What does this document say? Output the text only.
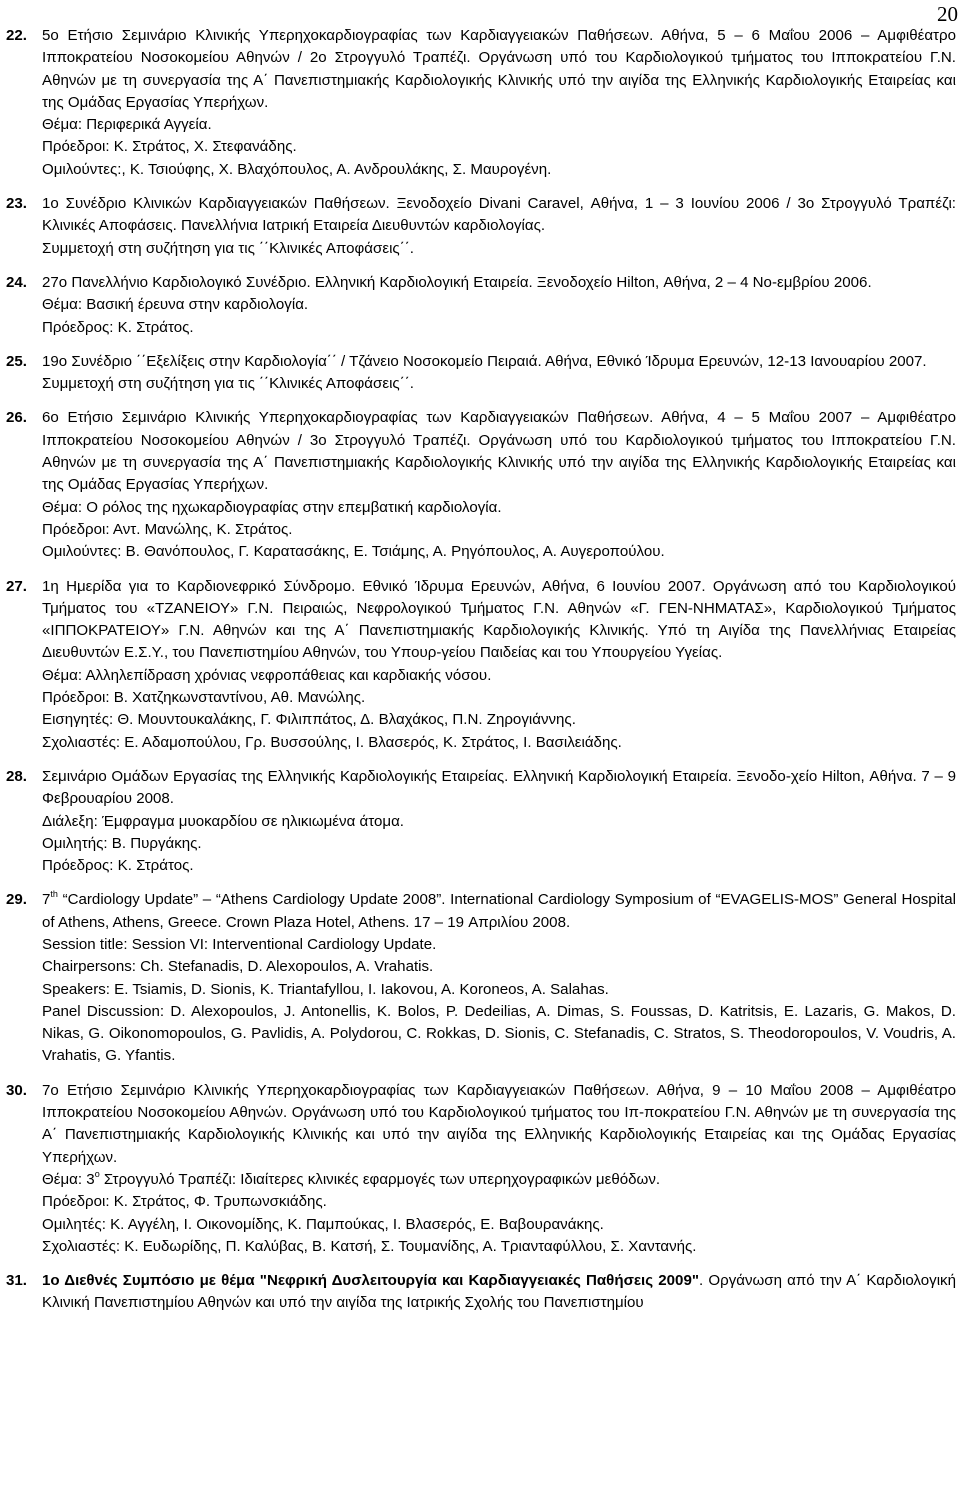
20
22. 5ο Ετήσιο Σεμινάριο Κλινικής Υπερηχοκαρδιογραφίας των Καρδιαγγειακών Παθήσεων. Αθήνα, 5 – 6 Μαΐου 2006 – Αμφιθέατρο Ιπποκρατείου Νοσοκομείου Αθηνών / 2ο Στρογγυλό Τραπέζι. Οργάνωση υπό του Καρδιολογικού τμήματος του Ιπποκρατείου Γ.Ν. Αθηνών με τη συνεργασία της Α΄ Πανεπιστημιακής Καρδιολογικής Κλινικής υπό την αιγίδα της Ελληνικής Καρδιολογικής Εταιρείας και της Ομάδας Εργασίας Υπερήχων.
Θέμα: Περιφερικά Αγγεία.
Πρόεδροι: Κ. Στράτος, Χ. Στεφανάδης.
Ομιλούντες:, Κ. Τσιούφης, Χ. Βλαχόπουλος, Α. Ανδρουλάκης, Σ. Μαυρογένη.
23. 1ο Συνέδριο Κλινικών Καρδιαγγειακών Παθήσεων. Ξενοδοχείο Divani Caravel, Αθήνα, 1 – 3 Ιουνίου 2006 / 3ο Στρογγυλό Τραπέζι: Κλινικές Αποφάσεις. Πανελλήνια Ιατρική Εταιρεία Διευθυντών καρδιολογίας.
Συμμετοχή στη συζήτηση για τις ΄΄Κλινικές Αποφάσεις΄΄.
24. 27ο Πανελλήνιο Καρδιολογικό Συνέδριο. Ελληνική Καρδιολογική Εταιρεία. Ξενοδοχείο Hilton, Αθήνα, 2 – 4 Νο-εμβρίου 2006.
Θέμα: Βασική έρευνα στην καρδιολογία.
Πρόεδρος: Κ. Στράτος.
25. 19ο Συνέδριο ΄΄Εξελίξεις στην Καρδιολογία΄΄ / Τζάνειο Νοσοκομείο Πειραιά. Αθήνα, Εθνικό Ίδρυμα Ερευνών, 12-13 Ιανουαρίου 2007.
Συμμετοχή στη συζήτηση για τις ΄΄Κλινικές Αποφάσεις΄΄.
26. 6ο Ετήσιο Σεμινάριο Κλινικής Υπερηχοκαρδιογραφίας των Καρδιαγγειακών Παθήσεων. Αθήνα, 4 – 5 Μαΐου 2007 – Αμφιθέατρο Ιπποκρατείου Νοσοκομείου Αθηνών / 3ο Στρογγυλό Τραπέζι. Οργάνωση υπό του Καρδιολογικού τμήματος του Ιπποκρατείου Γ.Ν. Αθηνών με τη συνεργασία της Α΄ Πανεπιστημιακής Καρδιολογικής Κλινικής υπό την αιγίδα της Ελληνικής Καρδιολογικής Εταιρείας και της Ομάδας Εργασίας Υπερήχων.
Θέμα: Ο ρόλος της ηχωκαρδιογραφίας στην επεμβατική καρδιολογία.
Πρόεδροι: Αντ. Μανώλης, Κ. Στράτος.
Ομιλούντες: Β. Θανόπουλος, Γ. Καρατασάκης, Ε. Τσιάμης, Α. Ρηγόπουλος, Α. Αυγεροπούλου.
27. 1η Ημερίδα για το Καρδιονεφρικό Σύνδρομο. Εθνικό Ίδρυμα Ερευνών, Αθήνα, 6 Ιουνίου 2007. Οργάνωση από του Καρδιολογικού Τμήματος του «ΤΖΑΝΕΙΟΥ» Γ.Ν. Πειραιώς, Νεφρολογικού Τμήματος Γ.Ν. Αθηνών «Γ. ΓΕΝ-ΝΗΜΑΤΑΣ», Καρδιολογικού Τμήματος «ΙΠΠΟΚΡΑΤΕΙΟΥ» Γ.Ν. Αθηνών και της Α΄ Πανεπιστημιακής Καρδιολογικής Κλινικής. Υπό τη Αιγίδα της Πανελλήνιας Εταιρείας Διευθυντών Ε.Σ.Υ., του Πανεπιστημίου Αθηνών, του Υπουρ-γείου Παιδείας και του Υπουργείου Υγείας.
Θέμα: Αλληλεπίδραση χρόνιας νεφροπάθειας και καρδιακής νόσου.
Πρόεδροι: Β. Χατζηκωνσταντίνου, Αθ. Μανώλης.
Εισηγητές: Θ. Μουντουκαλάκης, Γ. Φιλιππάτος, Δ. Βλαχάκος, Π.Ν. Ζηρογιάννης.
Σχολιαστές: Ε. Αδαμοπούλου, Γρ. Βυσσούλης, Ι. Βλασερός, Κ. Στράτος, Ι. Βασιλειάδης.
28. Σεμινάριο Ομάδων Εργασίας της Ελληνικής Καρδιολογικής Εταιρείας. Ελληνική Καρδιολογική Εταιρεία. Ξενοδο-χείο Hilton, Αθήνα. 7 – 9 Φεβρουαρίου 2008.
Διάλεξη: Έμφραγμα μυοκαρδίου σε ηλικιωμένα άτομα.
Ομιλητής: Β. Πυργάκης.
Πρόεδρος: Κ. Στράτος.
29. 7th “Cardiology Update” – “Athens Cardiology Update 2008”. International Cardiology Symposium of “EVAGELIS-MOS” General Hospital of Athens, Athens, Greece. Crown Plaza Hotel, Athens. 17 – 19 Απριλίου 2008.
Session title: Session VI: Interventional Cardiology Update.
Chairpersons: Ch. Stefanadis, D. Alexopoulos, A. Vrahatis.
Speakers: E. Tsiamis, D. Sionis, K. Triantafyllou, I. Iakovou, A. Koroneos, A. Salahas.
Panel Discussion: D. Alexopoulos, J. Antonellis, K. Bolos, P. Dedeilias, A. Dimas, S. Foussas, D. Katritsis, E. Lazaris, G. Makos, D. Nikas, G. Oikonomopoulos, G. Pavlidis, A. Polydorou, C. Rokkas, D. Sionis, C. Stefanadis, C. Stratos, S. Theodoropoulos, V. Voudris, A. Vrahatis, G. Yfantis.
30. 7ο Ετήσιο Σεμινάριο Κλινικής Υπερηχοκαρδιογραφίας των Καρδιαγγειακών Παθήσεων. Αθήνα, 9 – 10 Μαΐου 2008 – Αμφιθέατρο Ιπποκρατείου Νοσοκομείου Αθηνών. Οργάνωση υπό του Καρδιολογικού τμήματος του Ιπ-ποκρατείου Γ.Ν. Αθηνών με τη συνεργασία της Α΄ Πανεπιστημιακής Καρδιολογικής Κλινικής και υπό την αιγίδα της Ελληνικής Καρδιολογικής Εταιρείας και της Ομάδας Εργασίας Υπερήχων.
Θέμα: $3^o$ Στρογγυλό Τραπέζι: Ιδιαίτερες κλινικές εφαρμογές των υπερηχογραφικών μεθόδων.
Πρόεδροι: Κ. Στράτος, Φ. Τρυπωνσκιάδης.
Ομιλητές: Κ. Αγγέλη, Ι. Οικονομίδης, Κ. Παμπούκας, Ι. Βλασερός, Ε. Βαβουρανάκης.
Σχολιαστές: Κ. Ευδωρίδης, Π. Καλύβας, Β. Κατσή, Σ. Τουμανίδης, Α. Τριανταφύλλου, Σ. Χαντανής.
31. 1ο Διεθνές Συμπόσιο με θέμα "Νεφρική Δυσλειτουργία και Καρδιαγγειακές Παθήσεις 2009". Οργάνωση από την Α΄ Καρδιολογική Κλινική Πανεπιστημίου Αθηνών και υπό την αιγίδα της Ιατρικής Σχολής του Πανεπιστημίου
